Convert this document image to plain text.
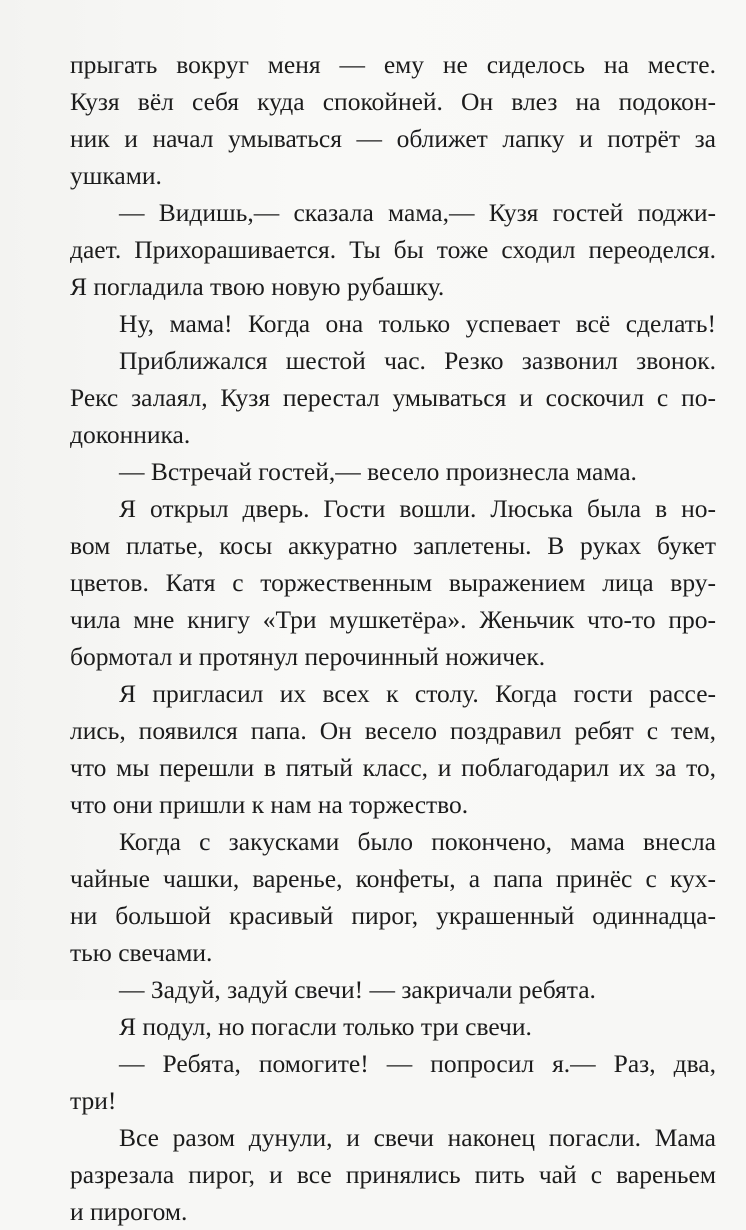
прыгать вокруг меня — ему не сиделось на месте.
Кузя вёл себя куда спокойней. Он влез на подокон-
ник и начал умываться — оближет лапку и потрёт за
ушками.
— Видишь,— сказала мама,— Кузя гостей поджи-
дает. Прихорашивается. Ты бы тоже сходил переоделся.
Я погладила твою новую рубашку.
Ну, мама! Когда она только успевает всё сделать!
Приближался шестой час. Резко зазвонил звонок.
Рекс залаял, Кузя перестал умываться и соскочил с по-
доконника.
— Встречай гостей,— весело произнесла мама.
Я открыл дверь. Гости вошли. Люська была в но-
вом платье, косы аккуратно заплетены. В руках букет
цветов. Катя с торжественным выражением лица вру-
чила мне книгу «Три мушкетёра». Женьчик что-то про-
бормотал и протянул перочинный ножичек.
Я пригласил их всех к столу. Когда гости рассе-
лись, появился папа. Он весело поздравил ребят с тем,
что мы перешли в пятый класс, и поблагодарил их за то,
что они пришли к нам на торжество.
Когда с закусками было покончено, мама внесла
чайные чашки, варенье, конфеты, а папа принёс с кух-
ни большой красивый пирог, украшенный одиннадца-
тью свечами.
— Задуй, задуй свечи! — закричали ребята.
Я подул, но погасли только три свечи.
— Ребята, помогите! — попросил я.— Раз, два,
три!
Все разом дунули, и свечи наконец погасли. Мама
разрезала пирог, и все принялись пить чай с вареньем
и пирогом.
